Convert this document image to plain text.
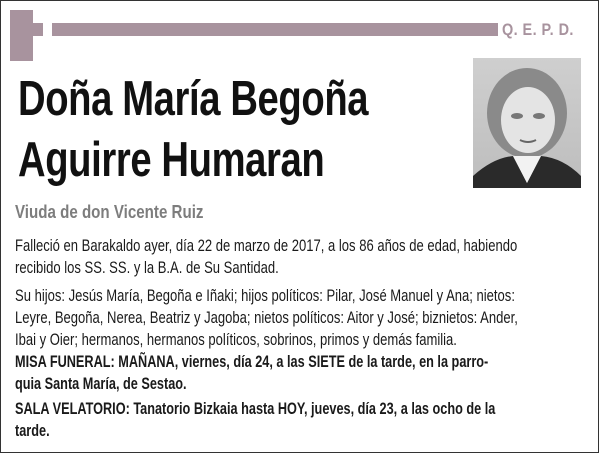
Q. E. P. D.
Doña María Begoña
Aguirre Humaran
Viuda de don Vicente Ruiz
Falleció en Barakaldo ayer, día 22 de marzo de 2017, a los 86 años de edad, habiendo
recibido los SS. SS. y la B.A. de Su Santidad.
Su hijos: Jesús María, Begoña e Iñaki; hijos políticos: Pilar, José Manuel y Ana; nietos:
Leyre, Begoña, Nerea, Beatriz y Jagoba; nietos políticos: Aitor y José; biznietos: Ander,
Ibai y Oier; hermanos, hermanos políticos, sobrinos, primos y demás familia.
MISA FUNERAL: MAÑANA, viernes, día 24, a las SIETE de la tarde, en la parro-
quia Santa María, de Sestao.
SALA VELATORIO: Tanatorio Bizkaia hasta HOY, jueves, día 23, a las ocho de la
tarde.
